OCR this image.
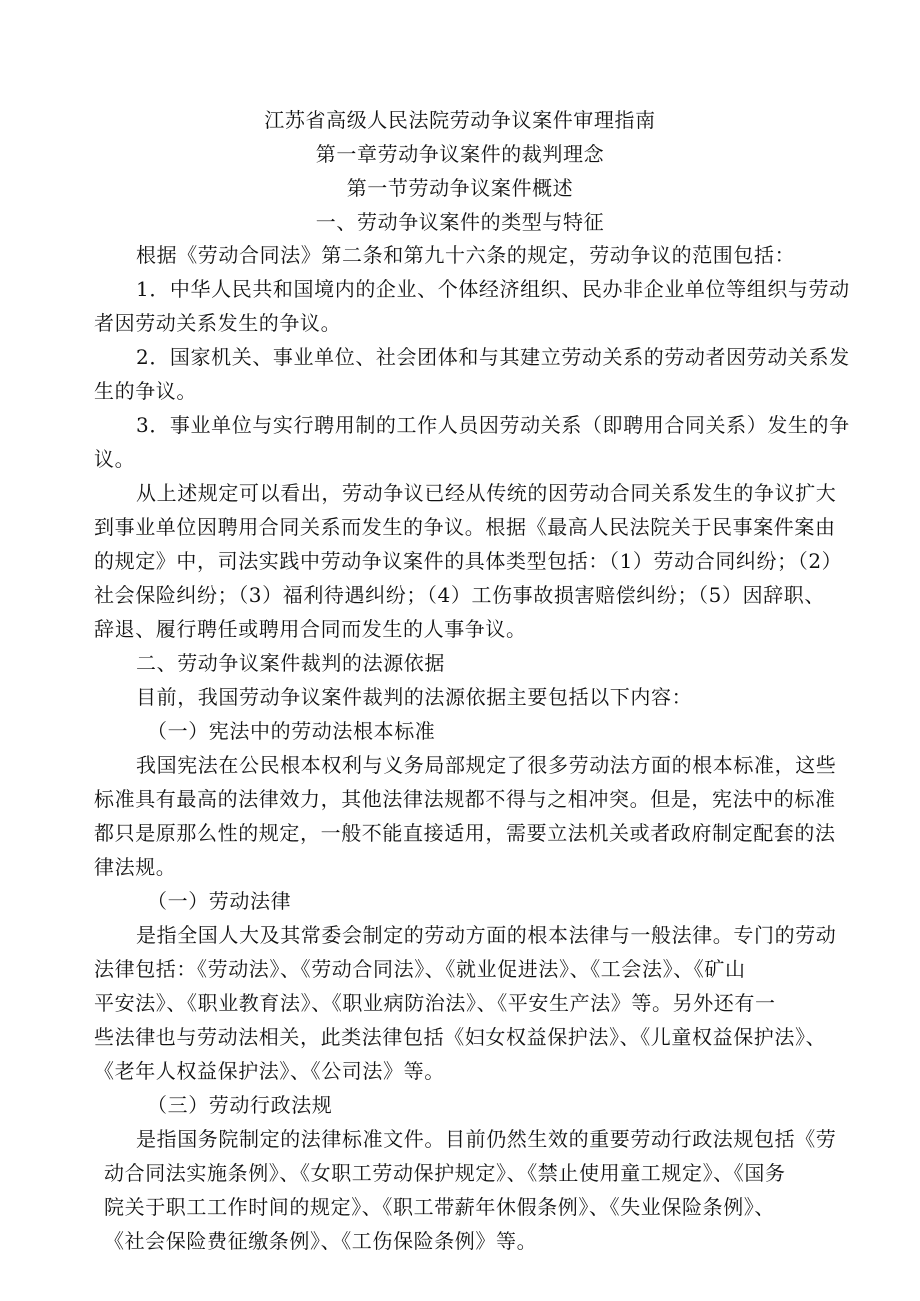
江苏省高级人民法院劳动争议案件审理指南
第一章劳动争议案件的裁判理念
第一节劳动争议案件概述
一、劳动争议案件的类型与特征
根据《劳动合同法》第二条和第九十六条的规定，劳动争议的范围包括：
1．中华人民共和国境内的企业、个体经济组织、民办非企业单位等组织与劳动
者因劳动关系发生的争议。
2．国家机关、事业单位、社会团体和与其建立劳动关系的劳动者因劳动关系发
生的争议。
3．事业单位与实行聘用制的工作人员因劳动关系（即聘用合同关系）发生的争
议。
从上述规定可以看出，劳动争议已经从传统的因劳动合同关系发生的争议扩大
到事业单位因聘用合同关系而发生的争议。根据《最高人民法院关于民事案件案由
的规定》中，司法实践中劳动争议案件的具体类型包括：（1）劳动合同纠纷；（2）
社会保险纠纷；（3）福利待遇纠纷；（4）工伤事故损害赔偿纠纷；（5）因辞职、
辞退、履行聘任或聘用合同而发生的人事争议。
二、劳动争议案件裁判的法源依据
目前，我国劳动争议案件裁判的法源依据主要包括以下内容：
（一）宪法中的劳动法根本标准
我国宪法在公民根本权利与义务局部规定了很多劳动法方面的根本标准，这些
标准具有最高的法律效力，其他法律法规都不得与之相冲突。但是，宪法中的标准
都只是原那么性的规定，一般不能直接适用，需要立法机关或者政府制定配套的法
律法规。
（一）劳动法律
是指全国人大及其常委会制定的劳动方面的根本法律与一般法律。专门的劳动
法律包括：《劳动法》、《劳动合同法》、《就业促进法》、《工会法》、《矿山
平安法》、《职业教育法》、《职业病防治法》、《平安生产法》等。另外还有一
些法律也与劳动法相关，此类法律包括《妇女权益保护法》、《儿童权益保护法》、
《老年人权益保护法》、《公司法》等。
（三）劳动行政法规
是指国务院制定的法律标准文件。目前仍然生效的重要劳动行政法规包括《劳
动合同法实施条例》、《女职工劳动保护规定》、《禁止使用童工规定》、《国务
院关于职工工作时间的规定》、《职工带薪年休假条例》、《失业保险条例》、
《社会保险费征缴条例》、《工伤保险条例》等。
